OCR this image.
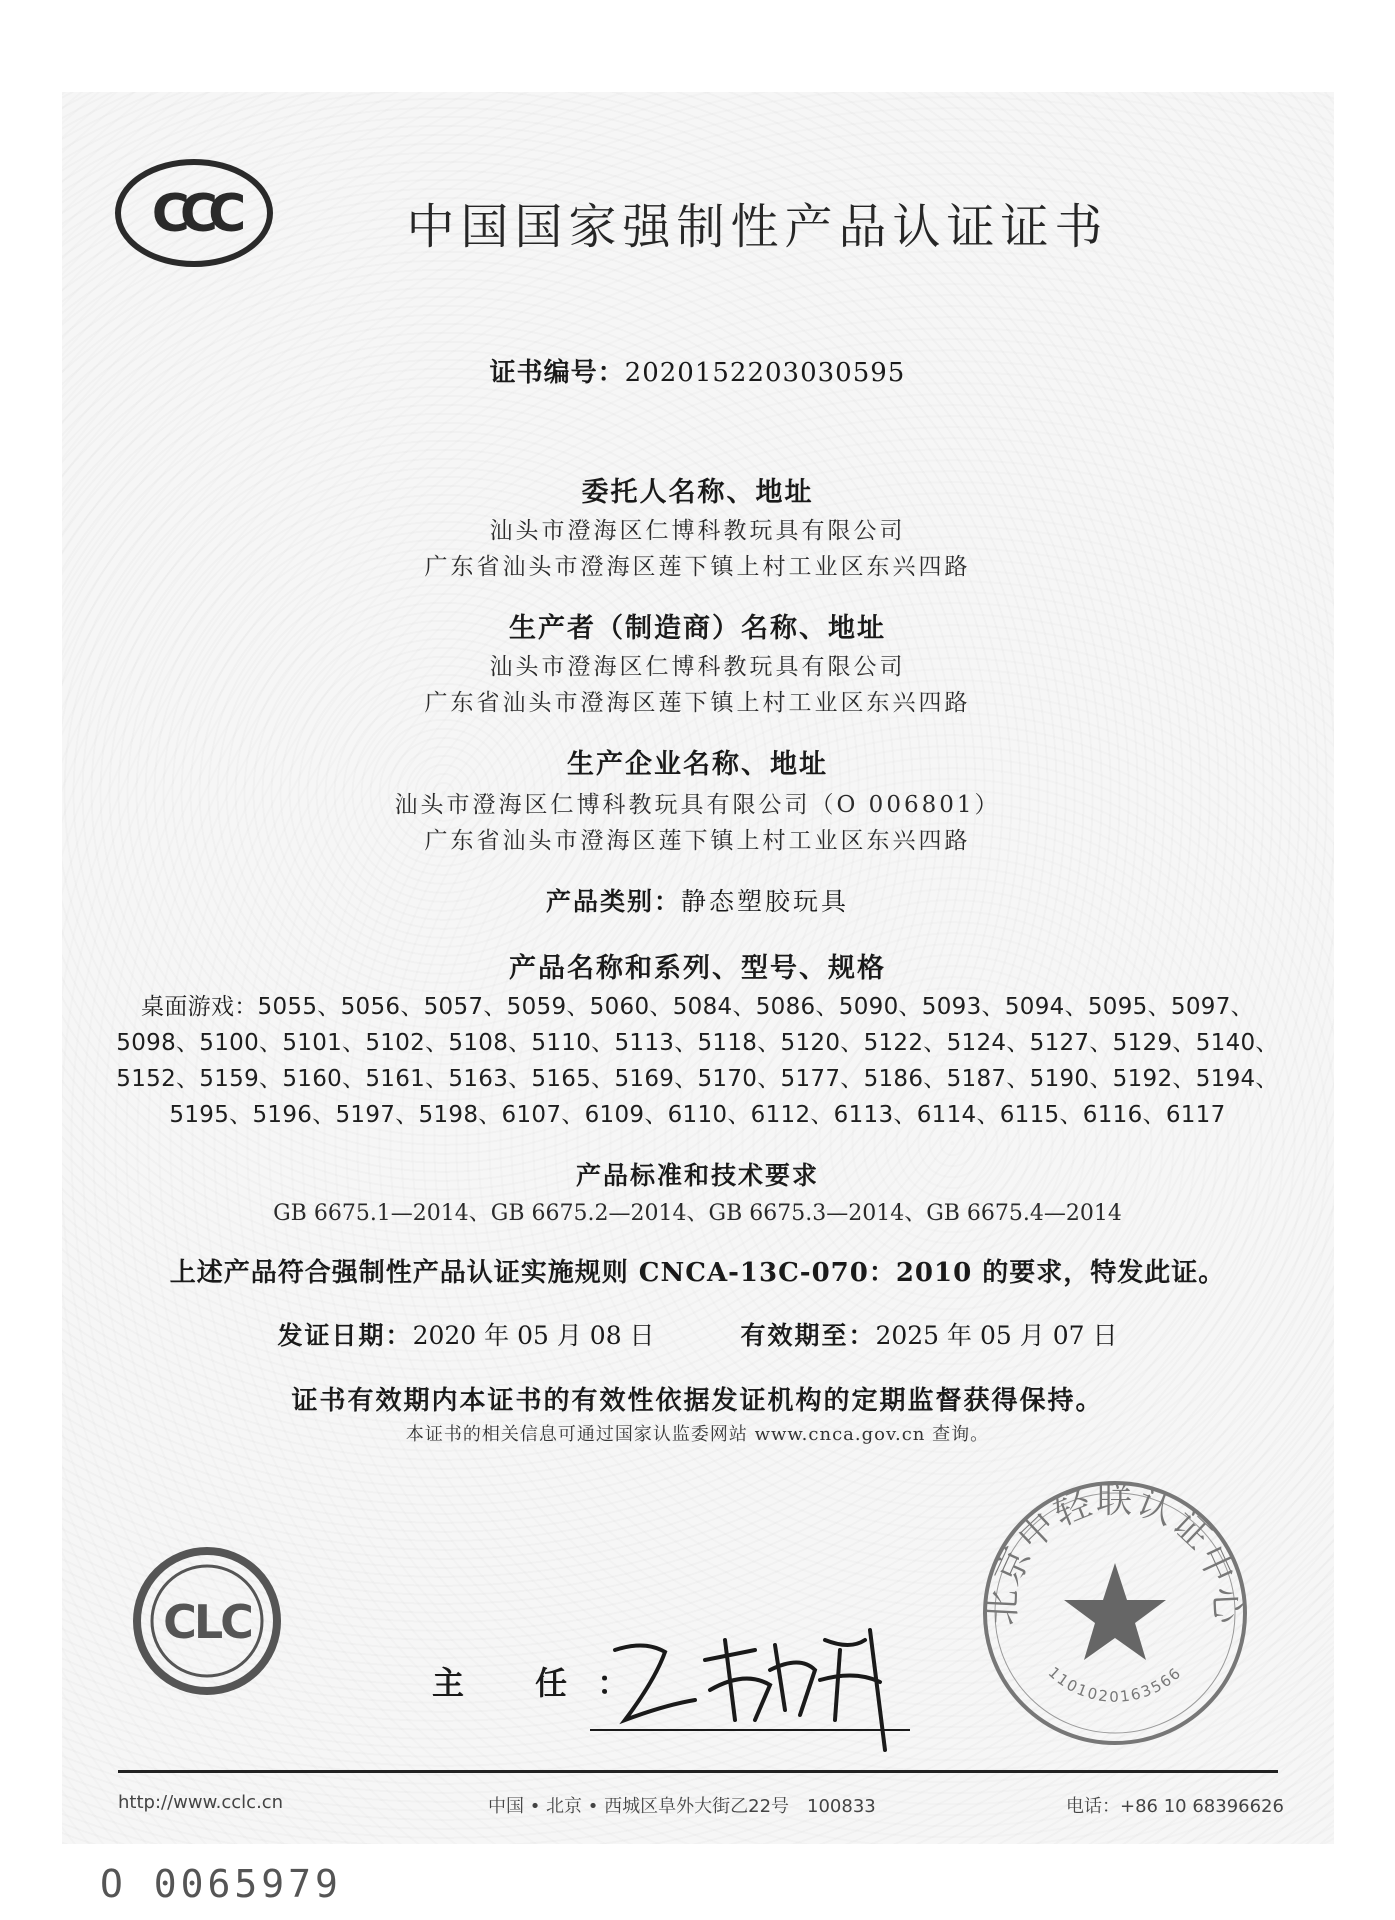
CCC	中国国家强制性产品认证证书
证书编号：2020152203030595
委托人名称、地址
汕头市澄海区仁博科教玩具有限公司
广东省汕头市澄海区莲下镇上村工业区东兴四路
生产者（制造商）名称、地址
汕头市澄海区仁博科教玩具有限公司
广东省汕头市澄海区莲下镇上村工业区东兴四路
生产企业名称、地址
汕头市澄海区仁博科教玩具有限公司（O 006801）
广东省汕头市澄海区莲下镇上村工业区东兴四路
产品类别：静态塑胶玩具
产品名称和系列、型号、规格
桌面游戏：5055、5056、5057、5059、5060、5084、5086、5090、5093、5094、5095、5097、
5098、5100、5101、5102、5108、5110、5113、5118、5120、5122、5124、5127、5129、5140、
5152、5159、5160、5161、5163、5165、5169、5170、5177、5186、5187、5190、5192、5194、
5195、5196、5197、5198、6107、6109、6110、6112、6113、6114、6115、6116、6117
产品标准和技术要求
GB 6675.1—2014、GB 6675.2—2014、GB 6675.3—2014、GB 6675.4—2014
上述产品符合强制性产品认证实施规则 CNCA-13C-070：2010 的要求，特发此证。
发证日期：2020 年 05 月 08 日	有效期至：2025 年 05 月 07 日
证书有效期内本证书的有效性依据发证机构的定期监督获得保持。
本证书的相关信息可通过国家认监委网站 www.cnca.gov.cn 查询。
CLC
主 任：
北京中轻联认证中心
1101020163566
http://www.cclc.cn	中国 • 北京 • 西城区阜外大街乙22号　100833	电话：+86 10 68396626
O 0065979
